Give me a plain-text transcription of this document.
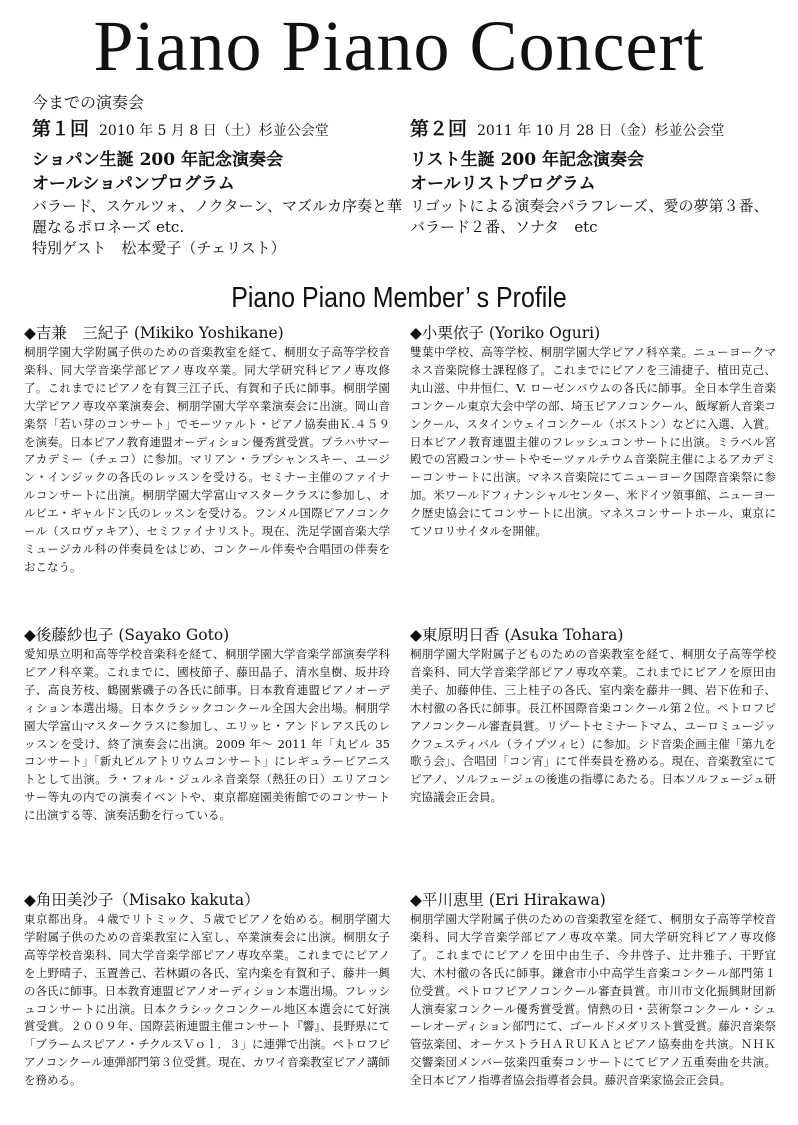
Piano Piano Concert
今までの演奏会
第１回 2010 年 5 月 8 日（土）杉並公会堂
ショパン生誕 200 年記念演奏会
オールショパンプログラム
バラード、スケルツォ、ノクターン、マズルカ序奏と華麗なるポロネーズ etc.
特別ゲスト　松本愛子（チェリスト）
第２回 2011 年 10 月 28 日（金）杉並公会堂
リスト生誕 200 年記念演奏会
オールリストプログラム
リゴットによる演奏会パラフレーズ、愛の夢第３番、バラード２番、ソナタ　etc
Piano Piano Member’ s Profile
◆吉兼　三紀子 (Mikiko Yoshikane)
桐朋学園大学附属子供のための音楽教室を経て、桐朋女子高等学校音楽科、同大学音楽学部ピアノ専攻卒業。同大学研究科ピアノ専攻修了。これまでにピアノを有賀三江子氏、有賀和子氏に師事。桐朋学園大学ピアノ専攻卒業演奏会、桐朋学園大学卒業演奏会に出演。岡山音楽祭「若い芽のコンサート」でモーツァルト・ピアノ協奏曲Ｋ.４５９を演奏。日本ピアノ教育連盟オーディション優秀賞受賞。プラハサマーアカデミー（チェコ）に参加。マリアン・ラプシャンスキー、ユージン・インジックの各氏のレッスンを受ける。セミナー主催のファイナルコンサートに出演。桐朋学園大学富山マスタークラスに参加し、オルビエ・ギャルドン氏のレッスンを受ける。フンメル国際ピアノコンクール（スロヴァキア）、セミファイナリスト。現在、洗足学園音楽大学ミュージカル科の伴奏員をはじめ、コンクール伴奏や合唱団の伴奏をおこなう。
◆小栗依子 (Yoriko Oguri)
雙葉中学校、高等学校、桐朋学園大学ピアノ科卒業。ニューヨークマネス音楽院修士課程修了。これまでにピアノを三浦捷子、植田克己、丸山滋、中井恒仁、V. ローゼンバウムの各氏に師事。全日本学生音楽コンクール東京大会中学の部、埼玉ピアノコンクール、飯塚新人音楽コンクール、スタインウェイコンクール（ボストン）などに入選、入賞。日本ピアノ教育連盟主催のフレッシュコンサートに出演。ミラベル宮殿での宮殿コンサートやモーツァルテウム音楽院主催によるアカデミーコンサートに出演。マネス音楽院にてニューヨーク国際音楽祭に参加。米ワールドフィナンシャルセンター、米ドイツ領事館、ニューヨーク歴史協会にてコンサートに出演。マネスコンサートホール、東京にてソロリサイタルを開催。
◆後藤紗也子 (Sayako Goto)
愛知県立明和高等学校音楽科を経て、桐朋学園大学音楽学部演奏学科ピアノ科卒業。これまでに、國枝節子、藤田晶子、清水皇樹、坂井玲子、高良芳枝、鶴園紫磯子の各氏に師事。日本教育連盟ピアノオーディション本選出場。日本クラシックコンクール全国大会出場。桐朋学園大学富山マスタークラスに参加し、エリッヒ・アンドレアス氏のレッスンを受け、終了演奏会に出演。2009 年～ 2011 年「丸ビル 35 コンサート」「新丸ビルアトリウムコンサート」にレギュラーピアニストとして出演。ラ・フォル・ジュルネ音楽祭（熱狂の日）エリアコンサー等丸の内での演奏イベントや、東京都庭園美術館でのコンサートに出演する等、演奏活動を行っている。
◆東原明日香 (Asuka Tohara)
桐朋学園大学附属子どものための音楽教室を経て、桐朋女子高等学校音楽科、同大学音楽学部ピアノ専攻卒業。これまでにピアノを原田由美子、加藤伸佳、三上桂子の各氏、室内楽を藤井一興、岩下佐和子、木村徹の各氏に師事。長江杯国際音楽コンクール第２位。ペトロフピアノコンクール審査員賞。リゾートセミナートマム、ユーロミュージックフェスティバル（ライプツィヒ）に参加。シド音楽企画主催「第九を歌う会」、合唱団「コン宵」にて伴奏員を務める。現在、音楽教室にてピアノ、ソルフェージュの後進の指導にあたる。日本ソルフェージュ研究協議会正会員。
◆角田美沙子（Misako kakuta）
東京都出身。４歳でリトミック、５歳でピアノを始める。桐朋学園大学附属子供のための音楽教室に入室し、卒業演奏会に出演。桐朋女子高等学校音楽科、同大学音楽学部ピアノ専攻卒業。これまでにピアノを上野晴子、玉置善己、若林顕の各氏、室内楽を有賀和子、藤井一興の各氏に師事。日本教育連盟ピアノオーディション本選出場。フレッシュコンサートに出演。日本クラシックコンクール地区本選会にて好演賞受賞。２００９年、国際芸術連盟主催コンサート『響』、長野県にて「ブラームスピアノ・チクルスＶｏｌ．３」に連弾で出演。ペトロフピアノコンクール連弾部門第３位受賞。現在、カワイ音楽教室ピアノ講師を務める。
◆平川恵里 (Eri Hirakawa)
桐朋学園大学附属子供のための音楽教室を経て、桐朋女子高等学校音楽科、同大学音楽学部ピアノ専攻卒業。同大学研究科ピアノ専攻修了。これまでにピアノを田中由生子、今井啓子、辻井雅子、干野宜大、木村徹の各氏に師事。鎌倉市小中高学生音楽コンクール部門第１位受賞。ペトロフピアノコンクール審査員賞。市川市文化振興財団新人演奏家コンクール優秀賞受賞。情熱の日・芸術祭コンクール・シューレオーディション部門にて、ゴールドメダリスト賞受賞。藤沢音楽祭管弦楽団、オーケストラＨＡＲＵＫＡとピアノ協奏曲を共演。ＮＨＫ交響楽団メンバー弦楽四重奏コンサートにてピアノ五重奏曲を共演。全日本ピアノ指導者協会指導者会員。藤沢音楽家協会正会員。
